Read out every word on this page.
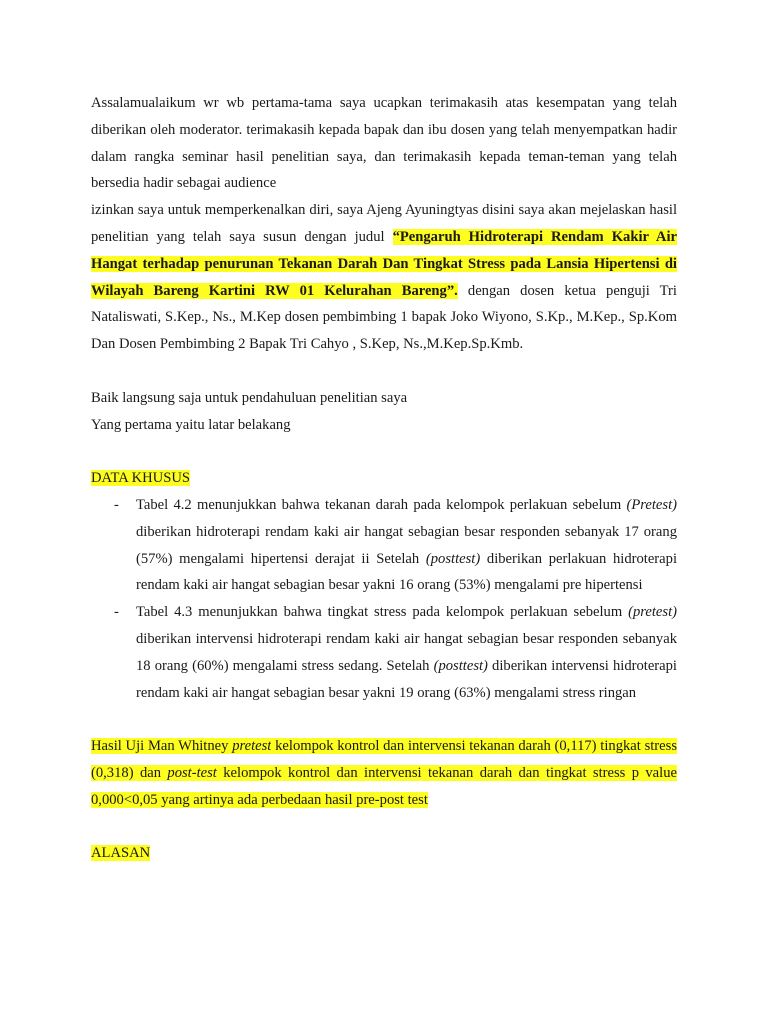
Assalamualaikum wr wb pertama-tama saya ucapkan terimakasih atas kesempatan yang telah diberikan oleh moderator. terimakasih kepada bapak dan ibu dosen yang telah menyempatkan hadir dalam rangka seminar hasil penelitian saya, dan terimakasih kepada teman-teman yang telah bersedia hadir sebagai audience

izinkan saya untuk memperkenalkan diri, saya Ajeng Ayuningtyas disini saya akan mejelaskan hasil penelitian yang telah saya susun dengan judul “Pengaruh Hidroterapi Rendam Kakir Air Hangat terhadap penurunan Tekanan Darah Dan Tingkat Stress pada Lansia Hipertensi di Wilayah Bareng Kartini RW 01 Kelurahan Bareng”. dengan dosen ketua penguji Tri Nataliswati, S.Kep., Ns., M.Kep dosen pembimbing 1 bapak Joko Wiyono, S.Kp., M.Kep., Sp.Kom Dan Dosen Pembimbing 2 Bapak Tri Cahyo , S.Kep, Ns.,M.Kep.Sp.Kmb.

Baik langsung saja untuk pendahuluan penelitian saya

Yang pertama yaitu latar belakang

DATA KHUSUS

- Tabel 4.2 menunjukkan bahwa tekanan darah pada kelompok perlakuan sebelum (Pretest) diberikan hidroterapi rendam kaki air hangat sebagian besar responden sebanyak 17 orang (57%) mengalami hipertensi derajat ii Setelah (posttest) diberikan perlakuan hidroterapi rendam kaki air hangat sebagian besar yakni 16 orang (53%) mengalami pre hipertensi
- Tabel 4.3 menunjukkan bahwa tingkat stress pada kelompok perlakuan sebelum (pretest) diberikan intervensi hidroterapi rendam kaki air hangat sebagian besar responden sebanyak 18 orang (60%) mengalami stress sedang. Setelah (posttest) diberikan intervensi hidroterapi rendam kaki air hangat sebagian besar yakni 19 orang (63%) mengalami stress ringan

Hasil Uji Man Whitney pretest kelompok kontrol dan intervensi tekanan darah (0,117) tingkat stress (0,318) dan post-test kelompok kontrol dan intervensi tekanan darah dan tingkat stress p value 0,000<0,05 yang artinya ada perbedaan hasil pre-post test

ALASAN
